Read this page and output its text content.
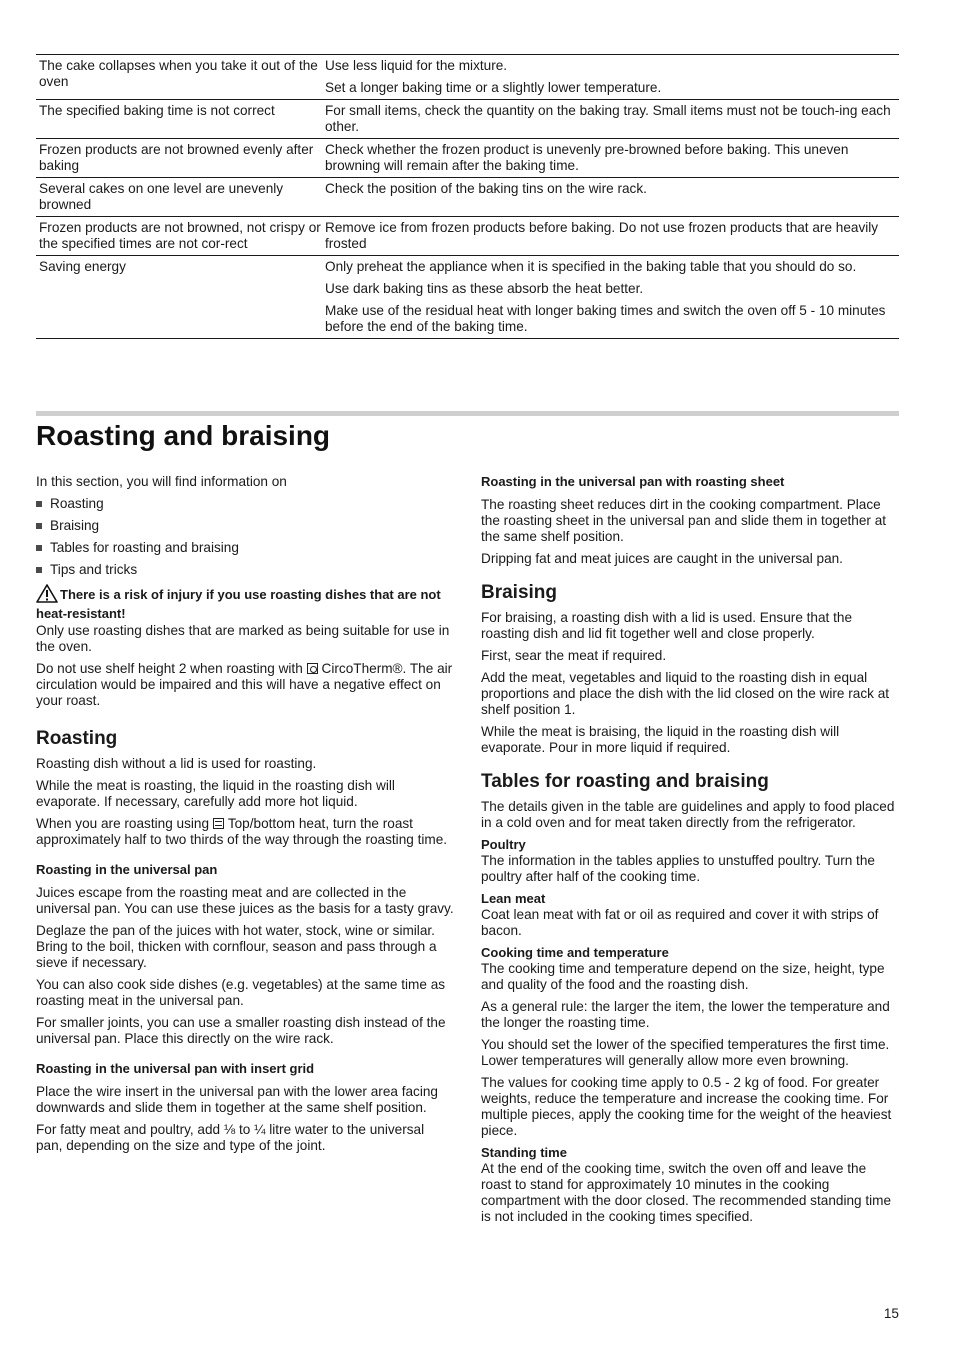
The cake collapses when you take it out of the oven

Use less liquid for the mixture.

Set a longer baking time or a slightly lower temperature.

The specified baking time is not correct	For small items, check the quantity on the baking tray. Small items must not be touch-ing each other.

Frozen products are not browned evenly after baking

Check whether the frozen product is unevenly pre-browned before baking. This uneven browning will remain after the baking time.

Several cakes on one level are unevenly browned

Check the position of the baking tins on the wire rack.

Frozen products are not browned, not crispy or the specified times are not cor-rect

Remove ice from frozen products before baking. Do not use frozen products that are heavily frosted

Saving energy	Only preheat the appliance when it is specified in the baking table that you should do so.

Use dark baking tins as these absorb the heat better.

Make use of the residual heat with longer baking times and switch the oven off 5 - 10 minutes before the end of the baking time.

Roasting and braising

In this section, you will find information on

Roasting
Braising
Tables for roasting and braising
Tips and tricks

There is a risk of injury if you use roasting dishes that are not heat-resistant!

Only use roasting dishes that are marked as being suitable for use in the oven.

Do not use shelf height 2 when roasting with CircoTherm®. The air circulation would be impaired and this will have a negative effect on your roast.

Roasting

Roasting dish without a lid is used for roasting.

While the meat is roasting, the liquid in the roasting dish will evaporate. If necessary, carefully add more hot liquid.

When you are roasting using Top/bottom heat, turn the roast approximately half to two thirds of the way through the roasting time.

Roasting in the universal pan

Juices escape from the roasting meat and are collected in the universal pan. You can use these juices as the basis for a tasty gravy.

Deglaze the pan of the juices with hot water, stock, wine or similar. Bring to the boil, thicken with cornflour, season and pass through a sieve if necessary.

You can also cook side dishes (e.g. vegetables) at the same time as roasting meat in the universal pan.

For smaller joints, you can use a smaller roasting dish instead of the universal pan. Place this directly on the wire rack.

Roasting in the universal pan with insert grid

Place the wire insert in the universal pan with the lower area facing downwards and slide them in together at the same shelf position.

For fatty meat and poultry, add ⅛ to ¼ litre water to the universal pan, depending on the size and type of the joint.

Roasting in the universal pan with roasting sheet

The roasting sheet reduces dirt in the cooking compartment. Place the roasting sheet in the universal pan and slide them in together at the same shelf position.

Dripping fat and meat juices are caught in the universal pan.

Braising

For braising, a roasting dish with a lid is used. Ensure that the roasting dish and lid fit together well and close properly.

First, sear the meat if required.

Add the meat, vegetables and liquid to the roasting dish in equal proportions and place the dish with the lid closed on the wire rack at shelf position 1.

While the meat is braising, the liquid in the roasting dish will evaporate. Pour in more liquid if required.

Tables for roasting and braising

The details given in the table are guidelines and apply to food placed in a cold oven and for meat taken directly from the refrigerator.

Poultry

The information in the tables applies to unstuffed poultry. Turn the poultry after half of the cooking time.

Lean meat

Coat lean meat with fat or oil as required and cover it with strips of bacon.

Cooking time and temperature

The cooking time and temperature depend on the size, height, type and quality of the food and the roasting dish.

As a general rule: the larger the item, the lower the temperature and the longer the roasting time.

You should set the lower of the specified temperatures the first time. Lower temperatures will generally allow more even browning.

The values for cooking time apply to 0.5 - 2 kg of food. For greater weights, reduce the temperature and increase the cooking time. For multiple pieces, apply the cooking time for the weight of the heaviest piece.

Standing time

At the end of the cooking time, switch the oven off and leave the roast to stand for approximately 10 minutes in the cooking compartment with the door closed. The recommended standing time is not included in the cooking times specified.

15
